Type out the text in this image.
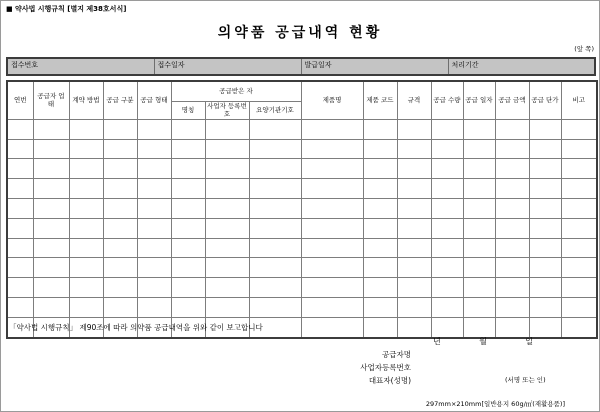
■ 약사법 시행규칙 [별지 제38호서식]
의약품 공급내역 현황
(앞 쪽)
접수번호	접수일자	발급일자	처리기간
연번	공급자 업태	계약 방법	공급 구분	공급 형태	공급받은 자			제품명	제품 코드	규격	공급 수량	공급 일자	공급 금액	공급 단가	비고
					명칭	사업자 등록번호	요양기관기호								

「약사법 시행규칙」 제90조에 따라 의약품 공급내역을 위와 같이 보고합니다
년	월	일
공급자명
사업자등록번호
대표자(성명)	(서명 또는 인)
297mm×210mm[일반용지 60g/㎡(재활용품)]
